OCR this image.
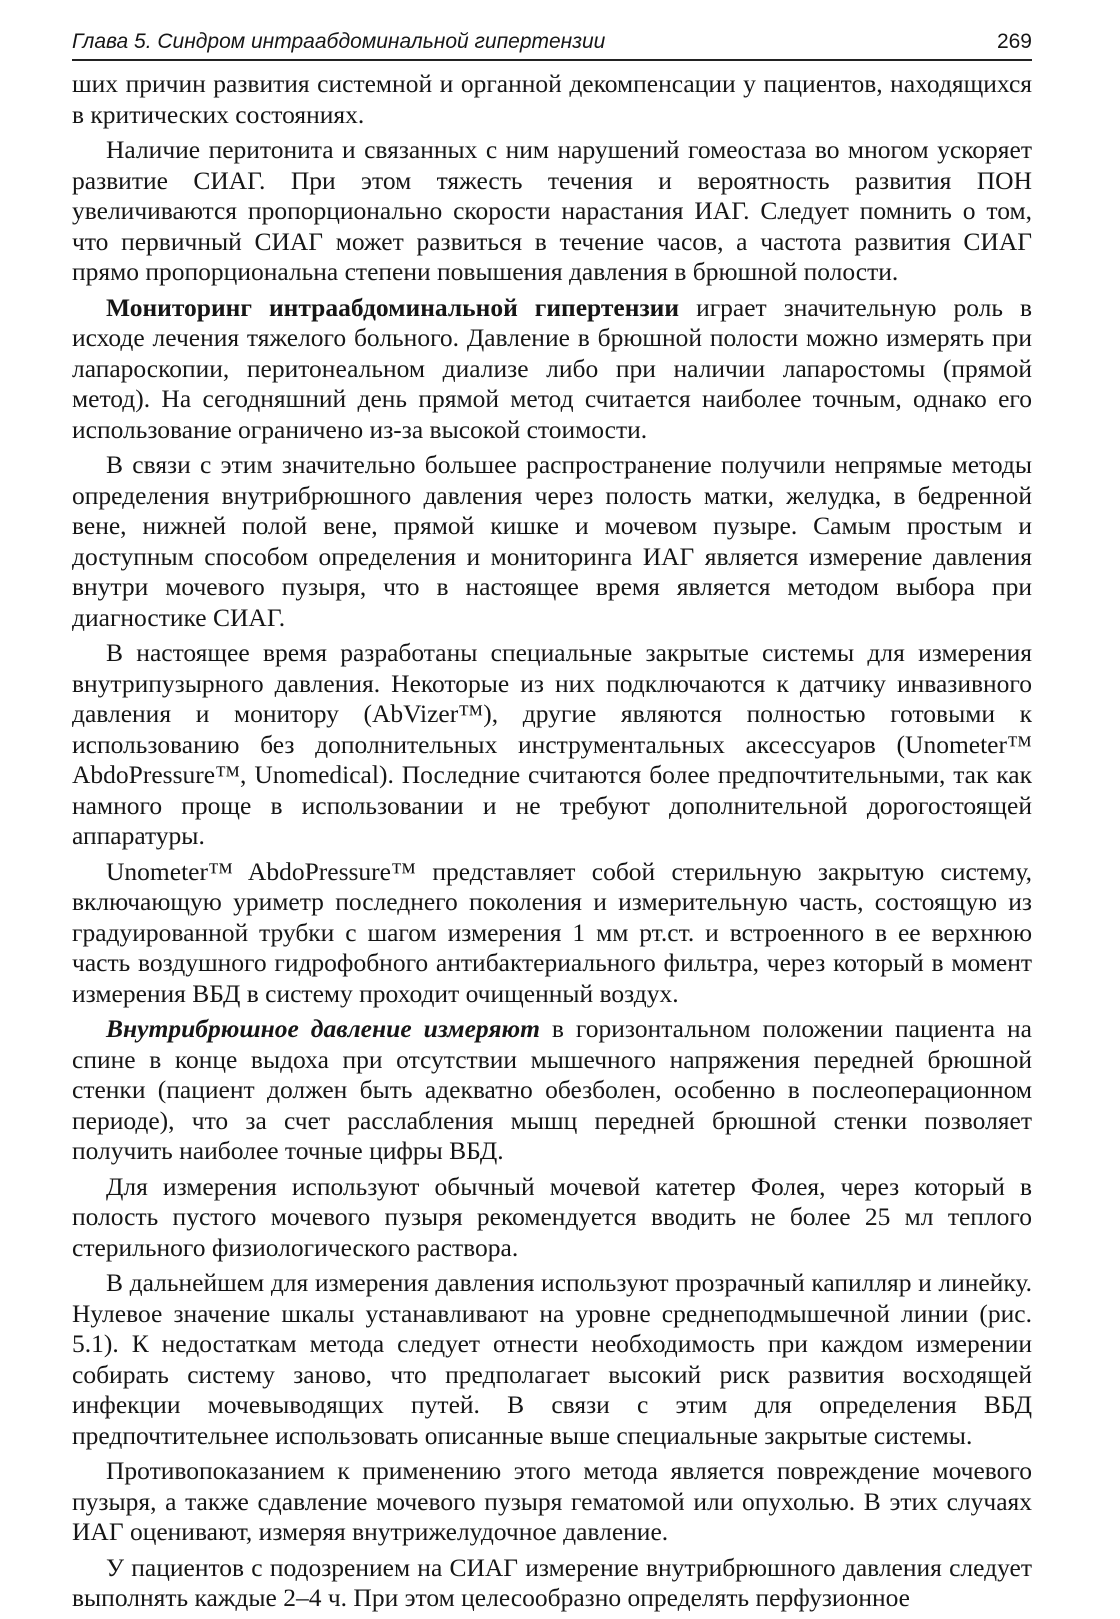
Глава 5. Синдром интраабдоминальной гипертензии	269

ших причин развития системной и органной декомпенсации у пациентов, находящихся в критических состояниях.

Наличие перитонита и связанных с ним нарушений гомеостаза во многом ускоряет развитие СИАГ. При этом тяжесть течения и вероятность развития ПОН увеличиваются пропорционально скорости нарастания ИАГ. Следует помнить о том, что первичный СИАГ может развиться в течение часов, а частота развития СИАГ прямо пропорциональна степени повышения давления в брюшной полости.

Мониторинг интраабдоминальной гипертензии играет значительную роль в исходе лечения тяжелого больного. Давление в брюшной полости можно измерять при лапароскопии, перитонеальном диализе либо при наличии лапаростомы (прямой метод). На сегодняшний день прямой метод считается наиболее точным, однако его использование ограничено из-за высокой стоимости.

В связи с этим значительно большее распространение получили непрямые методы определения внутрибрюшного давления через полость матки, желудка, в бедренной вене, нижней полой вене, прямой кишке и мочевом пузыре. Самым простым и доступным способом определения и мониторинга ИАГ является измерение давления внутри мочевого пузыря, что в настоящее время является методом выбора при диагностике СИАГ.

В настоящее время разработаны специальные закрытые системы для измерения внутрипузырного давления. Некоторые из них подключаются к датчику инвазивного давления и монитору (AbVizer™), другие являются полностью готовыми к использованию без дополнительных инструментальных аксессуаров (Unometer™ AbdoPressure™, Unomedical). Последние считаются более предпочтительными, так как намного проще в использовании и не требуют дополнительной дорогостоящей аппаратуры.

Unometer™ AbdoPressure™ представляет собой стерильную закрытую систему, включающую уриметр последнего поколения и измерительную часть, состоящую из градуированной трубки с шагом измерения 1 мм рт.ст. и встроенного в ее верхнюю часть воздушного гидрофобного антибактериального фильтра, через который в момент измерения ВБД в систему проходит очищенный воздух.

Внутрибрюшное давление измеряют в горизонтальном положении пациента на спине в конце выдоха при отсутствии мышечного напряжения передней брюшной стенки (пациент должен быть адекватно обезболен, особенно в послеоперационном периоде), что за счет расслабления мышц передней брюшной стенки позволяет получить наиболее точные цифры ВБД.

Для измерения используют обычный мочевой катетер Фолея, через который в полость пустого мочевого пузыря рекомендуется вводить не более 25 мл теплого стерильного физиологического раствора.

В дальнейшем для измерения давления используют прозрачный капилляр и линейку. Нулевое значение шкалы устанавливают на уровне среднеподмышечной линии (рис. 5.1). К недостаткам метода следует отнести необходимость при каждом измерении собирать систему заново, что предполагает высокий риск развития восходящей инфекции мочевыводящих путей. В связи с этим для определения ВБД предпочтительнее использовать описанные выше специальные закрытые системы.

Противопоказанием к применению этого метода является повреждение мочевого пузыря, а также сдавление мочевого пузыря гематомой или опухолью. В этих случаях ИАГ оценивают, измеряя внутрижелудочное давление.

У пациентов с подозрением на СИАГ измерение внутрибрюшного давления следует выполнять каждые 2–4 ч. При этом целесообразно определять перфузионное
